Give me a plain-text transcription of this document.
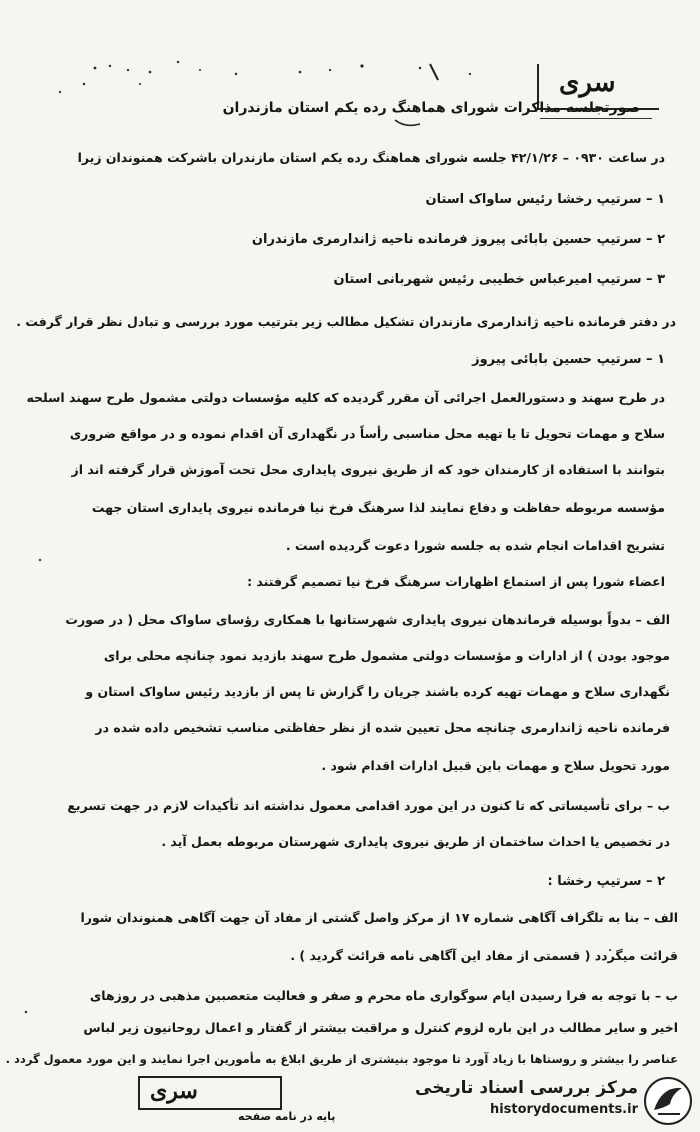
سری
صورتجلسه مذاکرات شورای هماهنگ رده یکم استان مازندران
در ساعت ۰۹۳۰ – ۴۲/۱/۲۶ جلسه شورای هماهنگ رده یکم استان مازندران باشرکت همنوندان زیرا
۱ – سرتیپ رخشا رئیس ساواک استان
۲ – سرتیپ حسین بابائی پیروز فرمانده ناحیه ژاندارمری مازندران
۳ – سرتیپ امیرعباس خطیبی رئیس شهربانی استان
در دفتر فرمانده ناحیه ژاندارمری مازندران تشکیل مطالب زیر بترتیب مورد بررسی و تبادل نظر قرار گرفت .
۱ – سرتیپ حسین بابائی پیروز
در طرح سهند و دستورالعمل اجرائی آن مقرر گردیده که کلیه مؤسسات دولتی مشمول طرح سهند اسلحه
سلاح و مهمات تحویل تا یا تهیه محل مناسبی رأساً در نگهداری آن اقدام نموده و در مواقع ضروری
بتوانند با استفاده از کارمندان خود که از طریق نیروی پایداری محل تحت آموزش قرار گرفته اند از
مؤسسه مربوطه حفاظت و دفاع نمایند لذا سرهنگ فرخ نیا فرمانده نیروی پایداری استان جهت
تشریح اقدامات انجام شده به جلسه شورا دعوت گردیده است .
اعضاء شورا پس از استماع اظهارات سرهنگ فرخ نیا تصمیم گرفتند :
الف – بدواً بوسیله فرماندهان نیروی پایداری شهرستانها با همکاری رؤسای ساواک محل ( در صورت
موجود بودن ) از ادارات و مؤسسات دولتی مشمول طرح سهند بازدید نمود چنانچه محلی برای
نگهداری سلاح و مهمات تهیه کرده باشند جریان را گزارش تا پس از بازدید رئیس ساواک استان و
فرمانده ناحیه ژاندارمری چنانچه محل تعیین شده از نظر حفاظتی مناسب تشخیص داده شده در
مورد تحویل سلاح و مهمات باین قبیل ادارات اقدام شود .
ب – برای تأسیساتی که تا کنون در این مورد اقدامی معمول نداشته اند تأکیدات لازم در جهت تسریع
در تخصیص یا احداث ساختمان از طریق نیروی پایداری شهرستان مربوطه بعمل آید .
۲ – سرتیپ رخشا :
الف – بنا به تلگراف آگاهی شماره ۱۷ از مرکز واصل گشتی از مفاد آن جهت آگاهی همنوندان شورا
قرائت میگردد ( قسمتی از مفاد این آگاهی نامه قرائت گردید ) .
ب – با توجه به فرا رسیدن ایام سوگواری ماه محرم و صفر و فعالیت متعصبین مذهبی در روزهای
اخیر و سایر مطالب در این باره لزوم کنترل و مراقبت بیشتر از گفتار و اعمال روحانیون زیر لباس
عناصر را بیشتر و روستاها با زیاد آورد تا موجود بنیشتری از طریق ابلاغ به مأمورین اجرا نمایند و این مورد معمول گردد .
سری
پایه در نامه صفحه
مرکز بررسی اسناد تاریخی
historydocuments.ir
